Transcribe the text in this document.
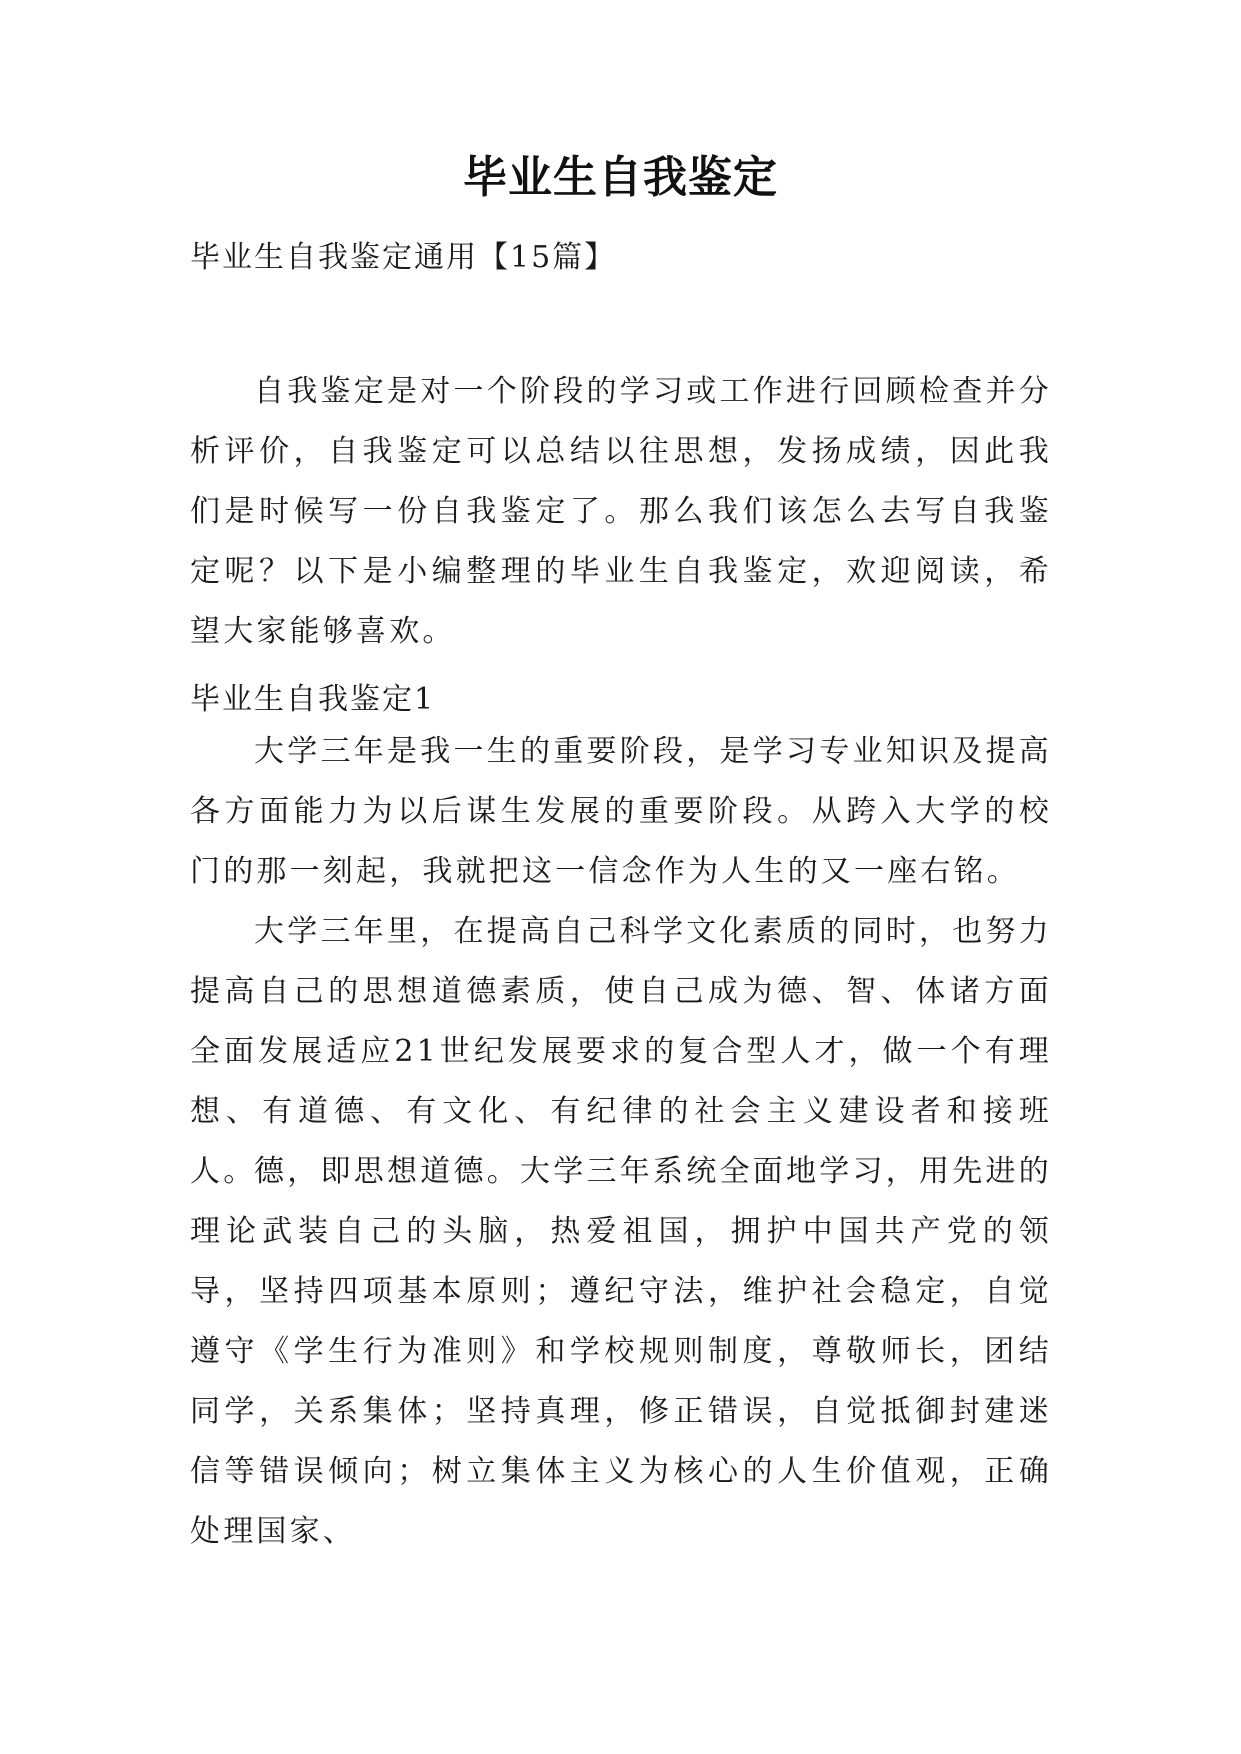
毕业生自我鉴定
毕业生自我鉴定通用【15篇】

自我鉴定是对一个阶段的学习或工作进行回顾检查并分析评价，自我鉴定可以总结以往思想，发扬成绩，因此我们是时候写一份自我鉴定了。那么我们该怎么去写自我鉴定呢？以下是小编整理的毕业生自我鉴定，欢迎阅读，希望大家能够喜欢。

毕业生自我鉴定1

大学三年是我一生的重要阶段，是学习专业知识及提高各方面能力为以后谋生发展的重要阶段。从跨入大学的校门的那一刻起，我就把这一信念作为人生的又一座右铭。

大学三年里，在提高自己科学文化素质的同时，也努力提高自己的思想道德素质，使自己成为德、智、体诸方面全面发展适应21世纪发展要求的复合型人才，做一个有理想、有道德、有文化、有纪律的社会主义建设者和接班人。

德，即思想道德。大学三年系统全面地学习，用先进的理论武装自己的头脑，热爱祖国，拥护中国共产党的领导，坚持四项基本原则；遵纪守法，维护社会稳定，自觉遵守《学生行为准则》和学校规则制度，尊敬师长，团结同学，关系集体；坚持真理，修正错误，自觉抵御封建迷信等错误倾向；树立集体主义为核心的人生价值观，正确处理国家、
